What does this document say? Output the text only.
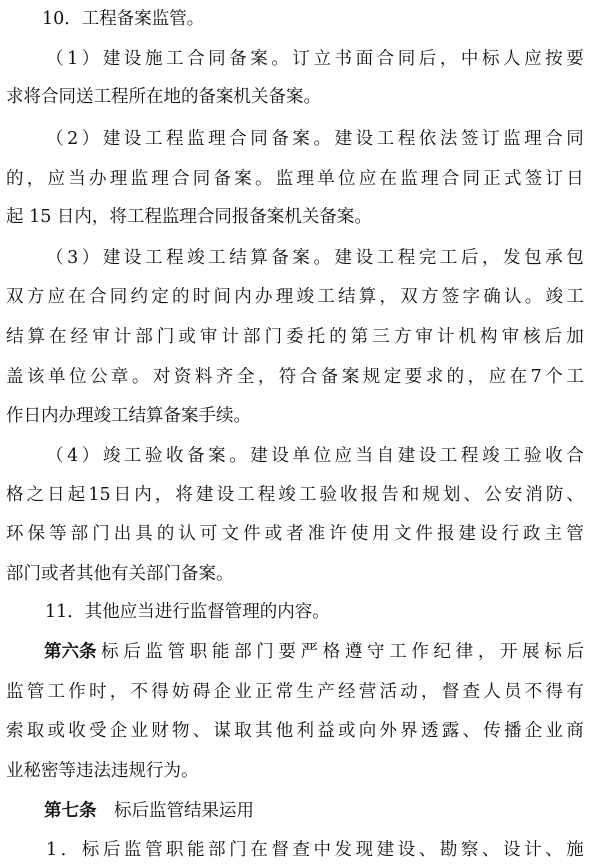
10．工程备案监管。
（ 1 ） 建 设 施 工 合 同 备 案 。 订 立 书 面 合 同 后 ， 中 标 人 应 按 要
求将合同送工程所在地的备案机关备案。
（ 2 ） 建 设 工 程 监 理 合 同 备 案 。 建 设 工 程 依 法 签 订 监 理 合 同
的 ， 应 当 办 理 监 理 合 同 备 案 。 监 理 单 位 应 在 监 理 合 同 正 式 签 订 日
起 15 日内，将工程监理合同报备案机关备案。
（ 3 ） 建 设 工 程 竣 工 结 算 备 案 。 建 设 工 程 完 工 后 ， 发 包 承 包
双 方 应 在 合 同 约 定 的 时 间 内 办 理 竣 工 结 算 ， 双 方 签 字 确 认 。 竣 工
结 算 在 经 审 计 部 门 或 审 计 部 门 委 托 的 第 三 方 审 计 机 构 审 核 后 加
盖 该 单 位 公 章 。 对 资 料 齐 全 ， 符 合 备 案 规 定 要 求 的 ， 应 在 7 个 工
作日内办理竣工结算备案手续。
（ 4 ） 竣 工 验 收 备 案 。 建 设 单 位 应 当 自 建 设 工 程 竣 工 验 收 合
格 之 日 起 15 日 内 ， 将 建 设 工 程 竣 工 验 收 报 告 和 规 划 、 公 安 消 防 、
环 保 等 部 门 出 具 的 认 可 文 件 或 者 准 许 使 用 文 件 报 建 设 行 政 主 管
部门或者其他有关部门备案。
11．其他应当进行监督管理的内容。
第六条 标 后 监 管 职 能 部 门 要 严 格 遵 守 工 作 纪 律 ， 开 展 标 后
监 管 工 作 时 ， 不 得 妨 碍 企 业 正 常 生 产 经 营 活 动 ， 督 查 人 员 不 得 有
索 取 或 收 受 企 业 财 物 、 谋 取 其 他 利 益 或 向 外 界 透 露 、 传 播 企 业 商
业秘密等违法违规行为。
第七条　标后监管结果运用
1 ． 标 后 监 管 职 能 部 门 在 督 查 中 发 现 建 设 、 勘 察 、 设 计 、 施
